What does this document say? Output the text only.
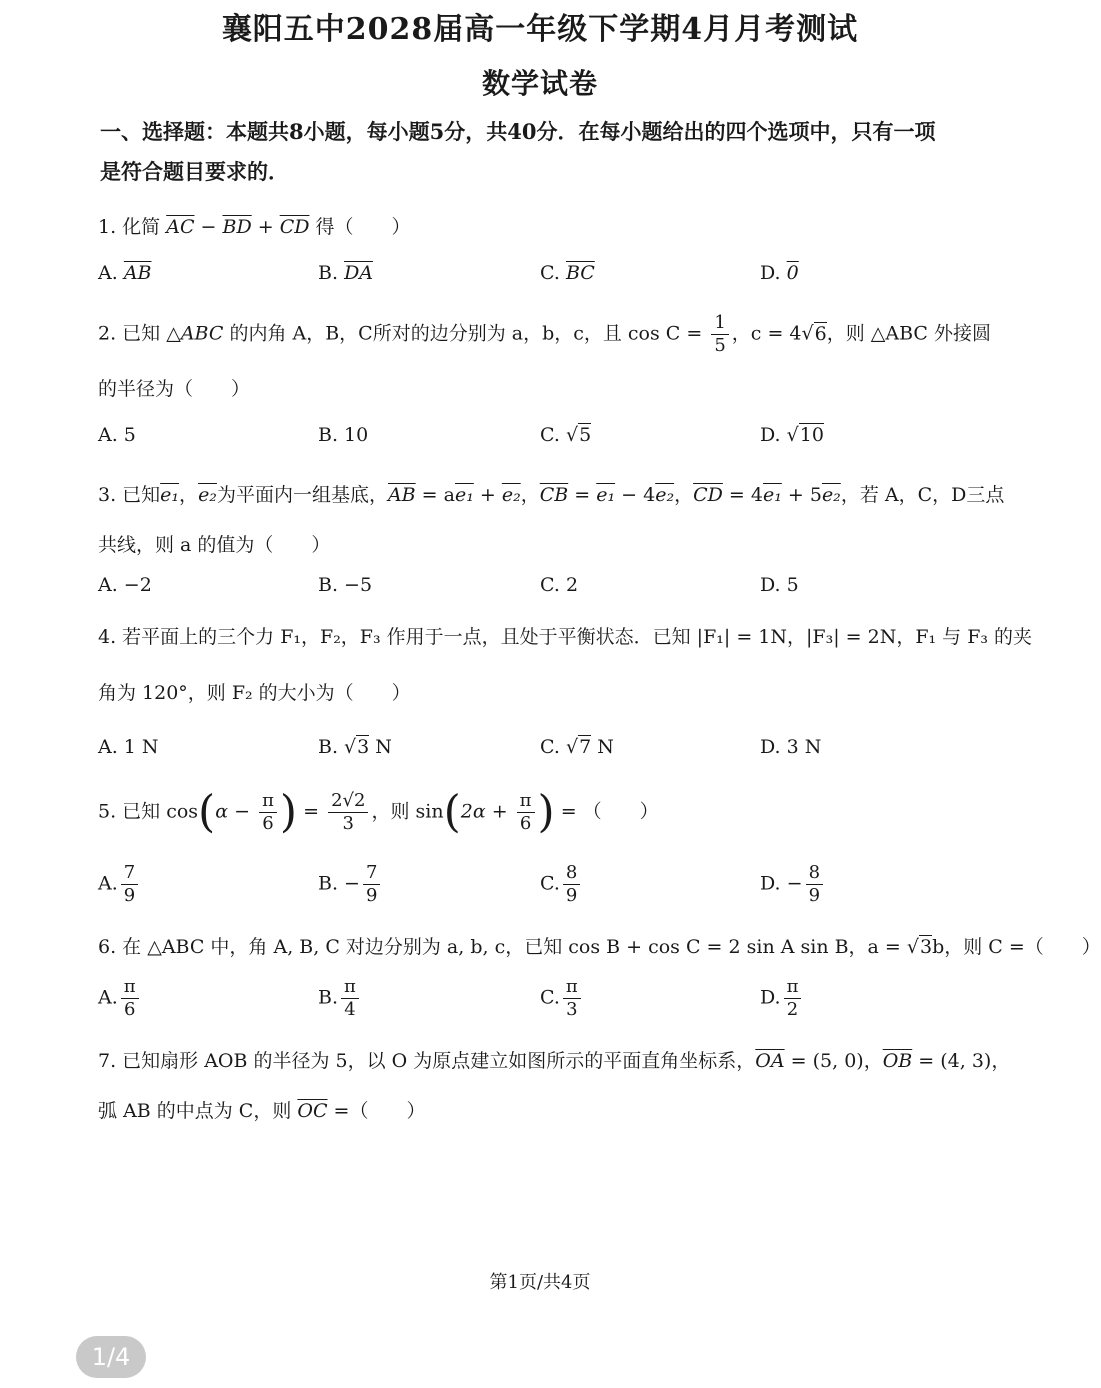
襄阳五中2028届高一年级下学期4月月考测试
数学试卷
一、选择题：本题共8小题，每小题5分，共40分．在每小题给出的四个选项中，只有一项
是符合题目要求的．
1. 化简 $\overline{AC} - \overline{BD} + \overline{CD}$ 得（　　）
A. $\overline{AB}$	B. $\overline{DA}$	C. $\overline{BC}$	D. 0
2. 已知 △ABC 的内角 A，B，C所对的边分别为 a，b，c，且 $\cos C = \frac{1}{5}$ ，c = 4√6，则 △ABC 外接圆
的半径为（　　）
A. 5	B. 10	C. √5	D. √10
3. 已知e₁，e₂为平面内一组基底，$\overline{AB} = ae_1 + e_2$，$\overline{CB} = e_1 - 4e_2$，$\overline{CD} = 4e_1 + 5e_2$，若 A，C，D三点
共线，则 a 的值为（　　）
A. −2	B. −5	C. 2	D. 5
4. 若平面上的三个力 F₁，F₂，F₃ 作用于一点，且处于平衡状态．已知 |F₁| = 1N，|F₃| = 2N，F₁ 与 F₃ 的夹
角为 120°，则 F₂ 的大小为（　　）
A. 1 N	B. √3 N	C. √7 N	D. 3 N
5. 已知 $\cos(\alpha - \frac{\pi}{6}$ ) = $\frac{2√2}{3}$ ，则 $\sin(2\alpha + \frac{\pi}{6}$ ) = （　　）
A. $\frac{7}{9}$	B. − $\frac{7}{9}$	C. $\frac{8}{9}$	D. − $\frac{8}{9}$
6. 在 △ABC 中，角 A, B, C 对边分别为 a, b, c，已知 cos B + cos C = 2 sin A sin B，a = √3b，则 C =（　　）
A. $\frac{\pi}{6}$	B. $\frac{\pi}{4}$	C. $\frac{\pi}{3}$	D. $\frac{\pi}{2}$
7. 已知扇形 AOB 的半径为 5，以 O 为原点建立如图所示的平面直角坐标系，$\overline{OA} = (5$, 0)，$\overline{OB} = (4$, 3)，
弧 AB 的中点为 C，则 $\overline{OC}$ =（　　）
第1页/共4页
1/4
